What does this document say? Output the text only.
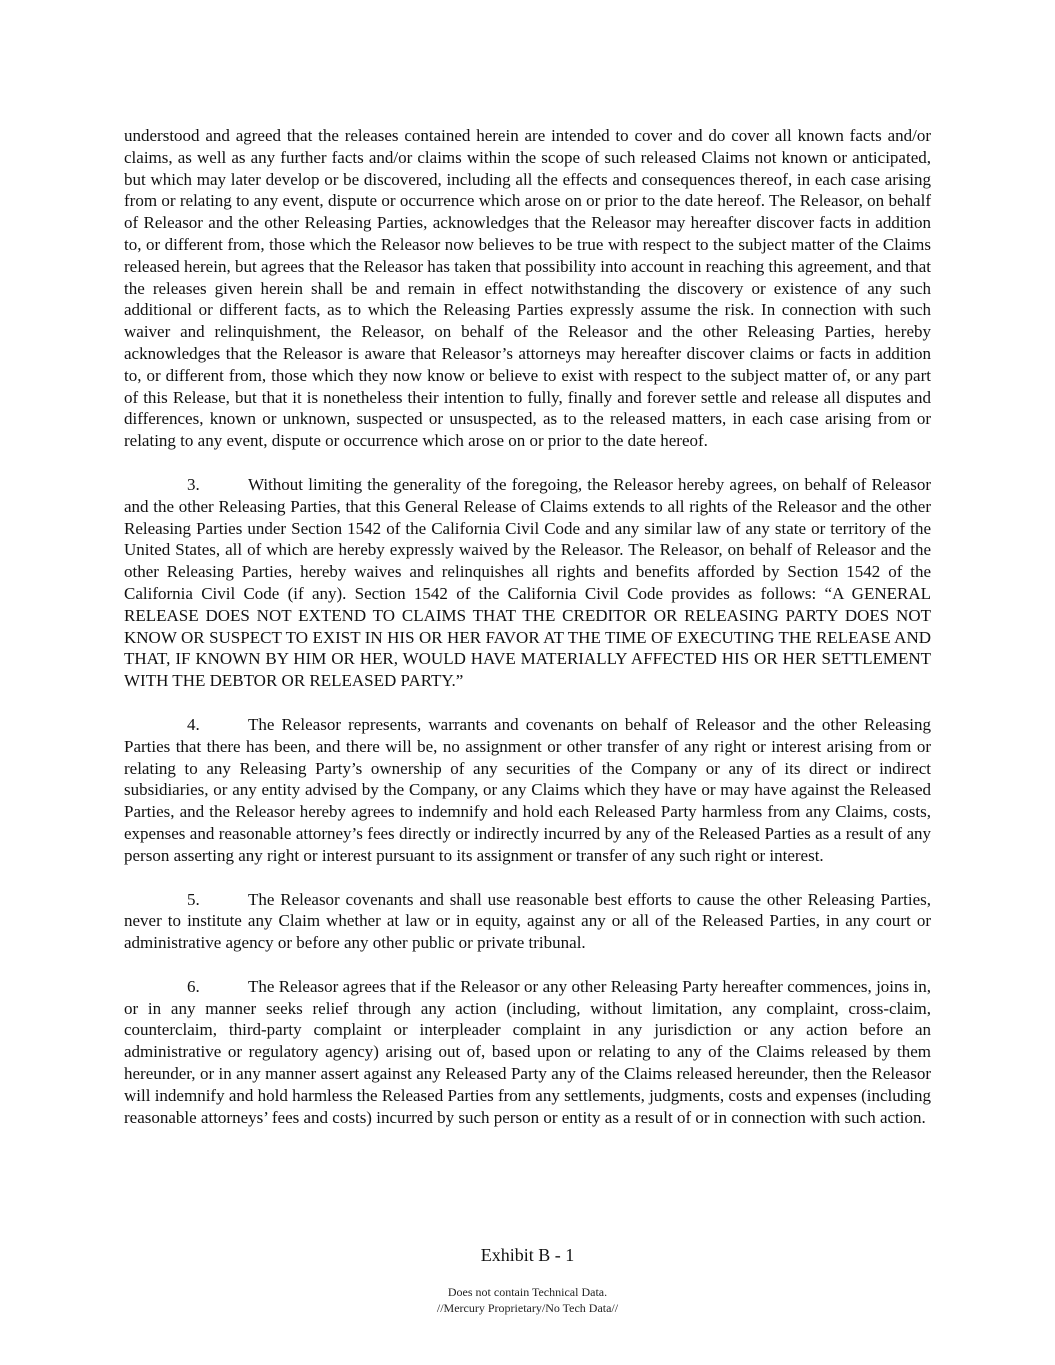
understood and agreed that the releases contained herein are intended to cover and do cover all known facts and/or claims, as well as any further facts and/or claims within the scope of such released Claims not known or anticipated, but which may later develop or be discovered, including all the effects and consequences thereof, in each case arising from or relating to any event, dispute or occurrence which arose on or prior to the date hereof. The Releasor, on behalf of Releasor and the other Releasing Parties, acknowledges that the Releasor may hereafter discover facts in addition to, or different from, those which the Releasor now believes to be true with respect to the subject matter of the Claims released herein, but agrees that the Releasor has taken that possibility into account in reaching this agreement, and that the releases given herein shall be and remain in effect notwithstanding the discovery or existence of any such additional or different facts, as to which the Releasing Parties expressly assume the risk. In connection with such waiver and relinquishment, the Releasor, on behalf of the Releasor and the other Releasing Parties, hereby acknowledges that the Releasor is aware that Releasor’s attorneys may hereafter discover claims or facts in addition to, or different from, those which they now know or believe to exist with respect to the subject matter of, or any part of this Release, but that it is nonetheless their intention to fully, finally and forever settle and release all disputes and differences, known or unknown, suspected or unsuspected, as to the released matters, in each case arising from or relating to any event, dispute or occurrence which arose on or prior to the date hereof.

3.	Without limiting the generality of the foregoing, the Releasor hereby agrees, on behalf of Releasor and the other Releasing Parties, that this General Release of Claims extends to all rights of the Releasor and the other Releasing Parties under Section 1542 of the California Civil Code and any similar law of any state or territory of the United States, all of which are hereby expressly waived by the Releasor. The Releasor, on behalf of Releasor and the other Releasing Parties, hereby waives and relinquishes all rights and benefits afforded by Section 1542 of the California Civil Code (if any). Section 1542 of the California Civil Code provides as follows: “A GENERAL RELEASE DOES NOT EXTEND TO CLAIMS THAT THE CREDITOR OR RELEASING PARTY DOES NOT KNOW OR SUSPECT TO EXIST IN HIS OR HER FAVOR AT THE TIME OF EXECUTING THE RELEASE AND THAT, IF KNOWN BY HIM OR HER, WOULD HAVE MATERIALLY AFFECTED HIS OR HER SETTLEMENT WITH THE DEBTOR OR RELEASED PARTY.”

4.	The Releasor represents, warrants and covenants on behalf of Releasor and the other Releasing Parties that there has been, and there will be, no assignment or other transfer of any right or interest arising from or relating to any Releasing Party’s ownership of any securities of the Company or any of its direct or indirect subsidiaries, or any entity advised by the Company, or any Claims which they have or may have against the Released Parties, and the Releasor hereby agrees to indemnify and hold each Released Party harmless from any Claims, costs, expenses and reasonable attorney’s fees directly or indirectly incurred by any of the Released Parties as a result of any person asserting any right or interest pursuant to its assignment or transfer of any such right or interest.

5.	The Releasor covenants and shall use reasonable best efforts to cause the other Releasing Parties, never to institute any Claim whether at law or in equity, against any or all of the Released Parties, in any court or administrative agency or before any other public or private tribunal.

6.	The Releasor agrees that if the Releasor or any other Releasing Party hereafter commences, joins in, or in any manner seeks relief through any action (including, without limitation, any complaint, cross-claim, counterclaim, third-party complaint or interpleader complaint in any jurisdiction or any action before an administrative or regulatory agency) arising out of, based upon or relating to any of the Claims released by them hereunder, or in any manner assert against any Released Party any of the Claims released hereunder, then the Releasor will indemnify and hold harmless the Released Parties from any settlements, judgments, costs and expenses (including reasonable attorneys’ fees and costs) incurred by such person or entity as a result of or in connection with such action.

Exhibit B - 1
Does not contain Technical Data.
//Mercury Proprietary/No Tech Data//
